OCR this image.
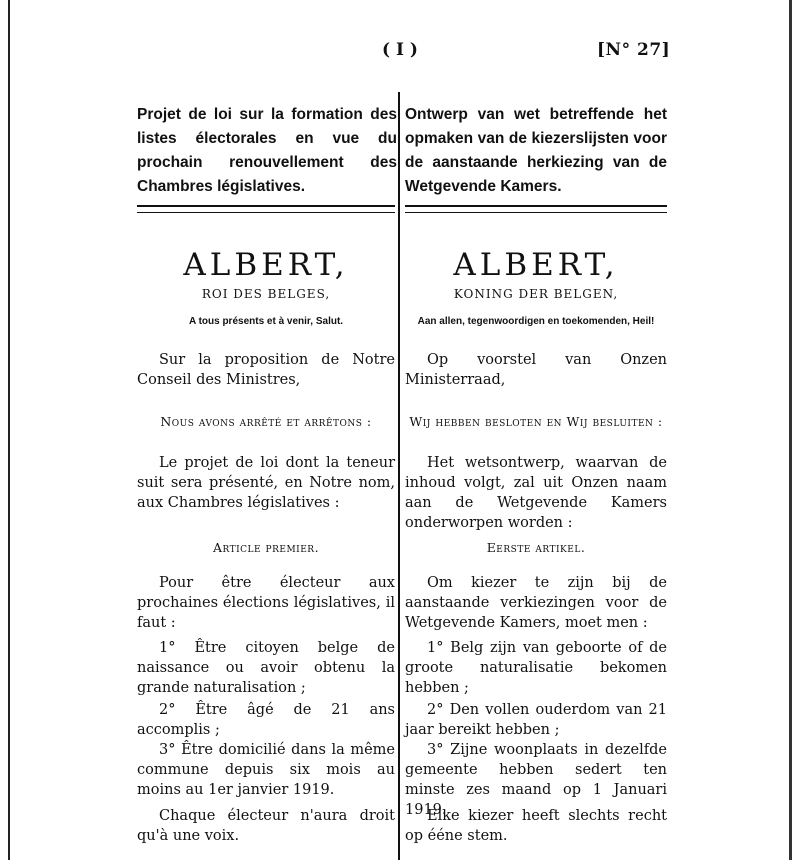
( I )	[N° 27]
Projet de loi sur la formation des listes électorales en vue du prochain renouvellement des Chambres législatives.
Ontwerp van wet betreffende het opmaken van de kiezerslijsten voor de aanstaande herkiezing van de Wetgevende Kamers.
ALBERT,	ALBERT,
ROI DES BELGES,	KONING DER BELGEN,
A tous présents et à venir, Salut.	Aan allen, tegenwoordigen en toekomenden, Heil!
Sur la proposition de Notre Conseil des Ministres,
Op voorstel van Onzen Ministerraad,
Nous avons arrêté et arrêtons :	Wij hebben besloten en Wij besluiten :
Le projet de loi dont la teneur suit sera présenté, en Notre nom, aux Chambres législatives :
Het wetsontwerp, waarvan de inhoud volgt, zal uit Onzen naam aan de Wetgevende Kamers onderworpen worden :
Article premier.	Eerste artikel.
Pour être électeur aux prochaines élections législatives, il faut :
Om kiezer te zijn bij de aanstaande verkiezingen voor de Wetgevende Kamers, moet men :
1° Être citoyen belge de naissance ou avoir obtenu la grande naturalisation ;
1° Belg zijn van geboorte of de groote naturalisatie bekomen hebben ;
2° Être âgé de 21 ans accomplis ;
2° Den vollen ouderdom van 21 jaar bereikt hebben ;
3° Être domicilié dans la même commune depuis six mois au moins au 1er janvier 1919.
3° Zijne woonplaats in dezelfde gemeente hebben sedert ten minste zes maand op 1 Januari 1919.
Chaque électeur n'aura droit qu'à une voix.
Elke kiezer heeft slechts recht op ééne stem.
